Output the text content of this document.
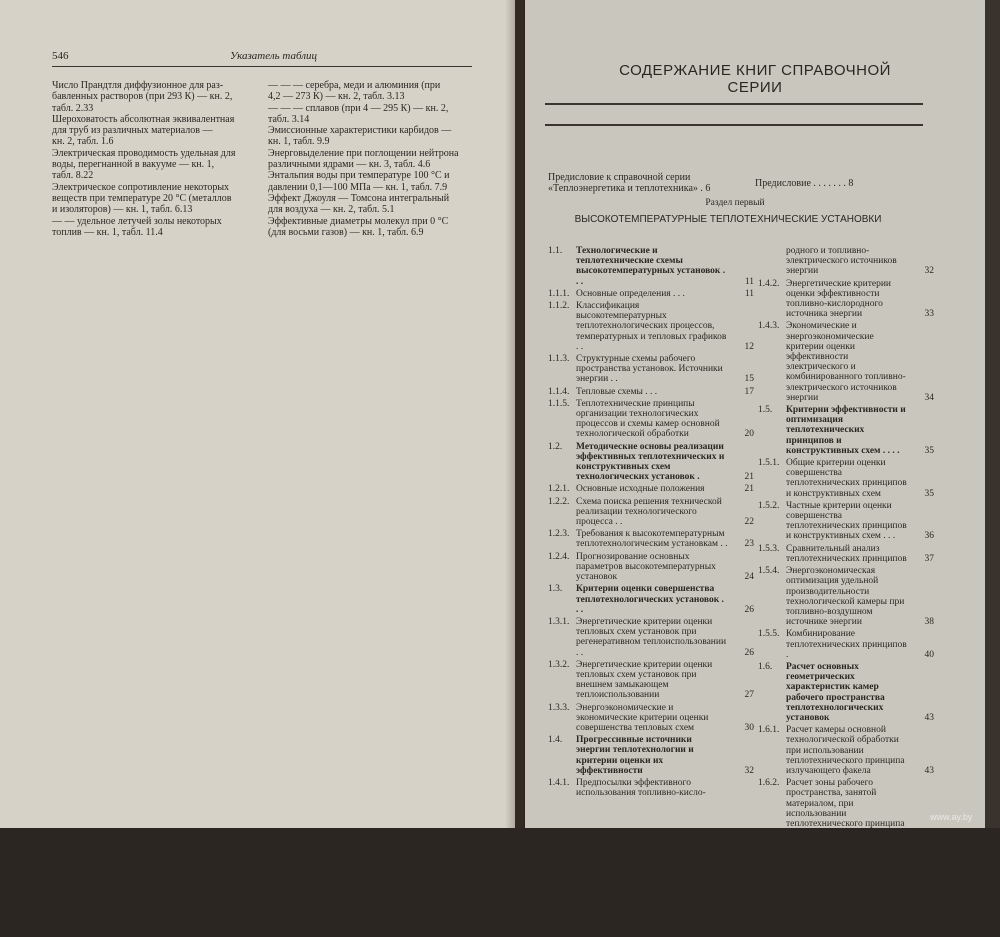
546	Указатель таблиц
Число Прандтля диффузионное для раз-
бавленных растворов (при 293 К) — кн. 2,
табл. 2.33
Шероховатость абсолютная эквивалентная
для труб из различных материалов —
кн. 2, табл. 1.6
Электрическая проводимость удельная для
воды, перегнанной в вакууме — кн. 1,
табл. 8.22
Электрическое сопротивление некоторых
веществ при температуре 20 °С (металлов
и изоляторов) — кн. 1, табл. 6.13
— — удельное летучей золы некоторых
топлив — кн. 1, табл. 11.4
— — — серебра, меди и алюминия (при
4,2 — 273 К) — кн. 2, табл. 3.13
— — — сплавов (при 4 — 295 К) — кн. 2,
табл. 3.14
Эмиссионные характеристики карбидов —
кн. 1, табл. 9.9
Энерговыделение при поглощении нейтрона
различными ядрами — кн. 3, табл. 4.6
Энтальпия воды при температуре 100 °С и
давлении 0,1—100 МПа — кн. 1, табл. 7.9
Эффект Джоуля — Томсона интегральный
для воздуха — кн. 2, табл. 5.1
Эффективные диаметры молекул при 0 °С
(для восьми газов) — кн. 1, табл. 6.9
СОДЕРЖАНИЕ КНИГ СПРАВОЧНОЙ СЕРИИ
Предисловие к справочной серии «Теплоэнергетика и теплотехника» . 6	Предисловие . . . . . . . 8
Раздел первый
ВЫСОКОТЕМПЕРАТУРНЫЕ ТЕПЛОТЕХНИЧЕСКИЕ УСТАНОВКИ
1.1.	Технологические и теплотехнические схемы высокотемпературных установок . . .	11
1.1.1. Основные определения . . .	11
1.1.2. Классификация высокотемпературных теплотехнологических процессов, температурных и тепловых графиков . .	12
1.1.3. Структурные схемы рабочего пространства установок. Источники энергии . .	15
1.1.4. Тепловые схемы . . .	17
1.1.5. Теплотехнические принципы организации технологических процессов и схемы камер основной технологической обработки	20
1.2.	Методические основы реализации эффективных теплотехнических и конструктивных схем технологических установок .	21
1.2.1. Основные исходные положения	21
1.2.2. Схема поиска решения технической реализации технологического процесса . .	22
1.2.3. Требования к высокотемпературным теплотехнологическим установкам . . 23
1.2.4. Прогнозирование основных параметров высокотемпературных установок	24
1.3.	Критерии оценки совершенства теплотехнологических установок . . .	26
1.3.1. Энергетические критерии оценки тепловых схем установок при регенеративном теплоиспользовании . .	26
1.3.2. Энергетические критерии оценки тепловых схем установок при внешнем замыкающем теплоиспользовании	27
1.3.3. Энергоэкономические и экономические критерии оценки совершенства тепловых схем	30
1.4.	Прогрессивные источники энергии теплотехнологии и критерии оценки их эффективности	32
1.4.1. Предпосылки эффективного использования топливно-кисло-
родного и топливно-электрического источников энергии	32
1.4.2. Энергетические критерии оценки эффективности топливно-кислородного источника энергии	33
1.4.3. Экономические и энергоэкономические критерии оценки эффективности электрического и комбинированного топливно-электрического источников энергии	34
1.5.	Критерии эффективности и оптимизация теплотехнических принципов и конструктивных схем . . . .	35
1.5.1. Общие критерии оценки совершенства теплотехнических принципов и конструктивных схем	35
1.5.2. Частные критерии оценки совершенства теплотехнических принципов и конструктивных схем . . .	36
1.5.3. Сравнительный анализ теплотехнических принципов 37
1.5.4. Энергоэкономическая оптимизация удельной производительности технологической камеры при топливно-воздушном источнике энергии	38
1.5.5. Комбинирование теплотехнических принципов .	40
1.6.	Расчет основных геометрических характеристик камер рабочего пространства теплотехнологических установок	43
1.6.1. Расчет камеры основной технологической обработки при использовании теплотехнического принципа излучающего факела	43
1.6.2. Расчет зоны рабочего пространства, занятой материалом, при использовании теплотехнического принципа плотного слоя . .	48
1.6.3. Расчет зоны рабочего пространства, занятой материалом, при использовании теплотехнического принципа кипящего слоя	49
1.6.4. Расчет камеры основной технологической обработки при ис-
www.ay.by
